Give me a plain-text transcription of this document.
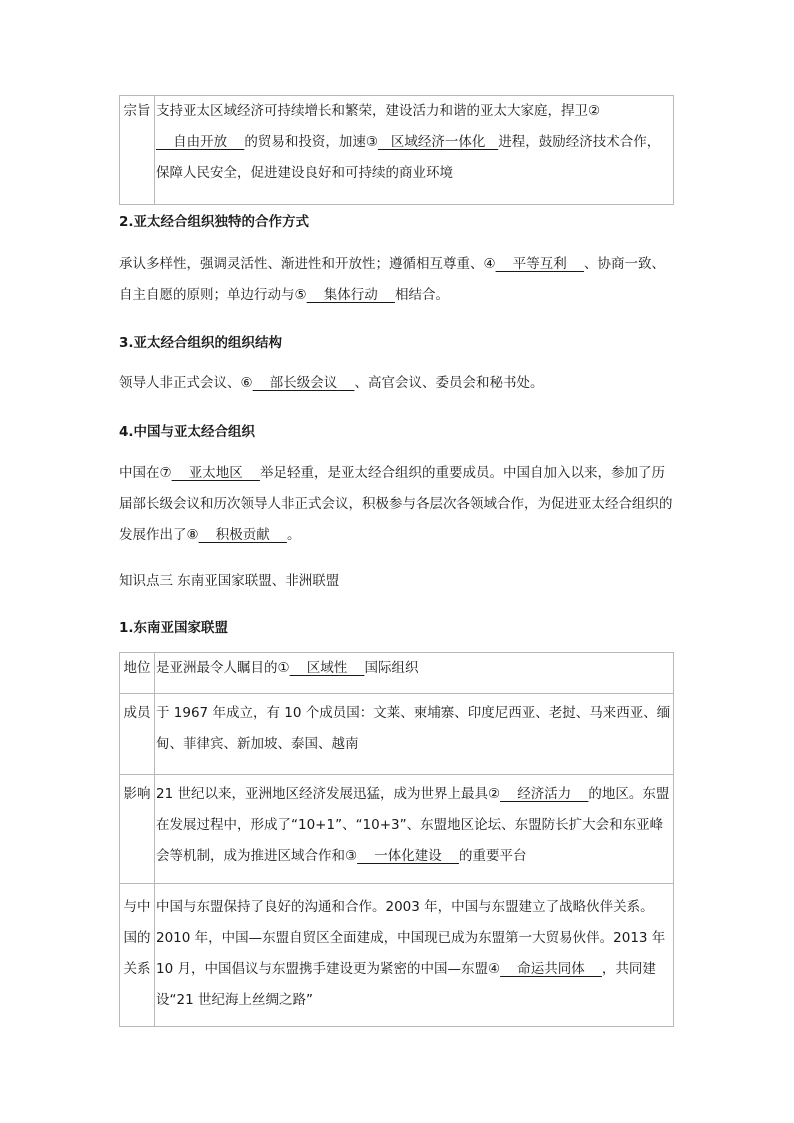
宗旨	支持亚太区域经济可持续增长和繁荣，建设活力和谐的亚太大家庭，捍卫②    自由开放    的贸易和投资，加速③   区域经济一体化   进程，鼓励经济技术合作，保障人民安全，促进建设良好和可持续的商业环境
2.亚太经合组织独特的合作方式
承认多样性，强调灵活性、渐进性和开放性；遵循相互尊重、④    平等互利    、协商一致、自主自愿的原则；单边行动与⑤    集体行动    相结合。
3.亚太经合组织的组织结构
领导人非正式会议、⑥    部长级会议    、高官会议、委员会和秘书处。
4.中国与亚太经合组织
中国在⑦    亚太地区    举足轻重，是亚太经合组织的重要成员。中国自加入以来，参加了历届部长级会议和历次领导人非正式会议，积极参与各层次各领域合作，为促进亚太经合组织的发展作出了⑧    积极贡献    。
知识点三 东南亚国家联盟、非洲联盟
1.东南亚国家联盟
地位	是亚洲最令人瞩目的①    区域性    国际组织
成员	于 1967 年成立，有 10 个成员国：文莱、柬埔寨、印度尼西亚、老挝、马来西亚、缅甸、菲律宾、新加坡、泰国、越南
影响	21 世纪以来，亚洲地区经济发展迅猛，成为世界上最具②    经济活力    的地区。东盟在发展过程中，形成了“10+1”、“10+3”、东盟地区论坛、东盟防长扩大会和东亚峰会等机制，成为推进区域合作和③    一体化建设    的重要平台
与中国的关系	中国与东盟保持了良好的沟通和合作。2003 年，中国与东盟建立了战略伙伴关系。2010 年，中国—东盟自贸区全面建成，中国现已成为东盟第一大贸易伙伴。2013 年 10 月，中国倡议与东盟携手建设更为紧密的中国—东盟④    命运共同体    ，共同建设“21 世纪海上丝绸之路”
